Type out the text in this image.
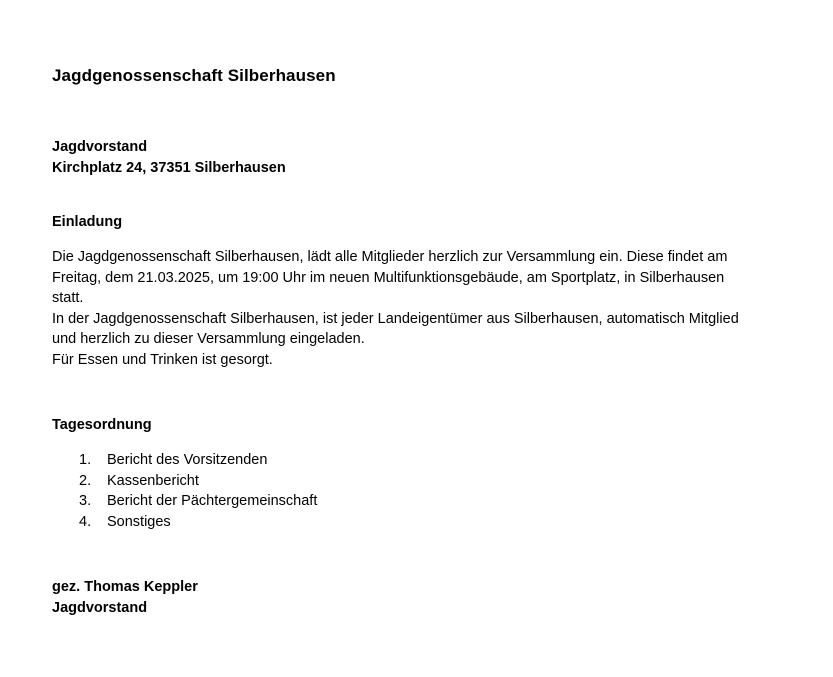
Jagdgenossenschaft Silberhausen
Jagdvorstand
Kirchplatz 24, 37351 Silberhausen
Einladung

Die Jagdgenossenschaft Silberhausen, lädt alle Mitglieder herzlich zur Versammlung ein. Diese findet am Freitag, dem 21.03.2025, um 19:00 Uhr im neuen Multifunktionsgebäude, am Sportplatz, in Silberhausen statt.

In der Jagdgenossenschaft Silberhausen, ist jeder Landeigentümer aus Silberhausen, automatisch Mitglied und herzlich zu dieser Versammlung eingeladen.

Für Essen und Trinken ist gesorgt.

Tagesordnung
1. Bericht des Vorsitzenden
2. Kassenbericht
3. Bericht der Pächtergemeinschaft
4. Sonstiges
gez. Thomas Keppler
Jagdvorstand
